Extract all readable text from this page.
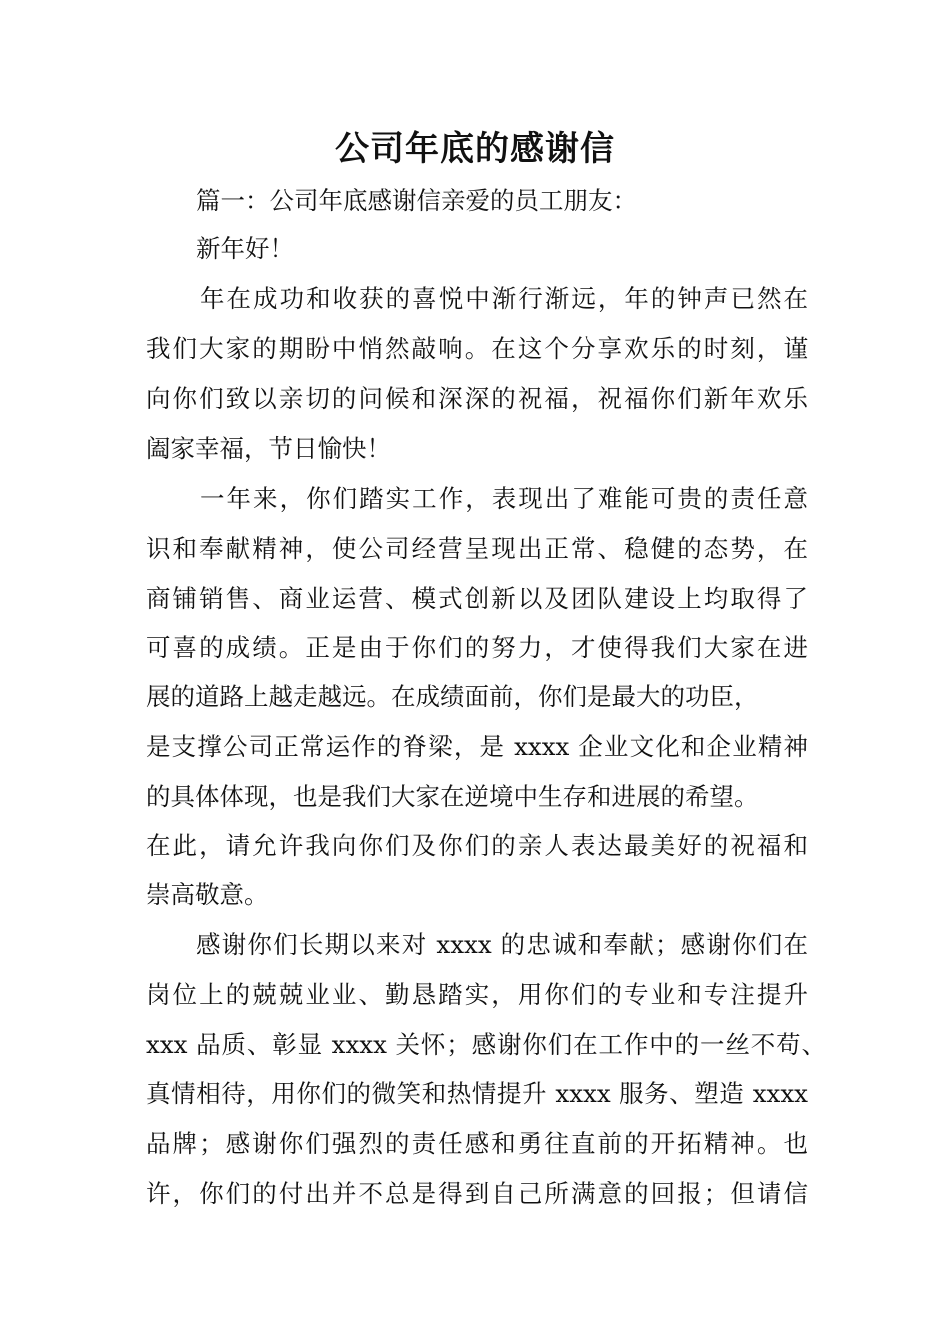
公司年底的感谢信
篇一：公司年底感谢信亲爱的员工朋友：
新年好！
年在成功和收获的喜悦中渐行渐远，年的钟声已然在
我们大家的期盼中悄然敲响。在这个分享欢乐的时刻，谨
向你们致以亲切的问候和深深的祝福，祝福你们新年欢乐
阖家幸福，节日愉快！
一年来，你们踏实工作，表现出了难能可贵的责任意
识和奉献精神，使公司经营呈现出正常、稳健的态势，在
商铺销售、商业运营、模式创新以及团队建设上均取得了
可喜的成绩。正是由于你们的努力，才使得我们大家在进
展的道路上越走越远。在成绩面前，你们是最大的功臣，
是支撑公司正常运作的脊梁，是 xxxx 企业文化和企业精神
的具体体现，也是我们大家在逆境中生存和进展的希望。
在此，请允许我向你们及你们的亲人表达最美好的祝福和
崇高敬意。
感谢你们长期以来对 xxxx 的忠诚和奉献；感谢你们在
岗位上的兢兢业业、勤恳踏实，用你们的专业和专注提升
xxx 品质、彰显 xxxx 关怀；感谢你们在工作中的一丝不苟、
真情相待，用你们的微笑和热情提升 xxxx 服务、塑造 xxxx
品牌；感谢你们强烈的责任感和勇往直前的开拓精神。也
许，你们的付出并不总是得到自己所满意的回报；但请信
